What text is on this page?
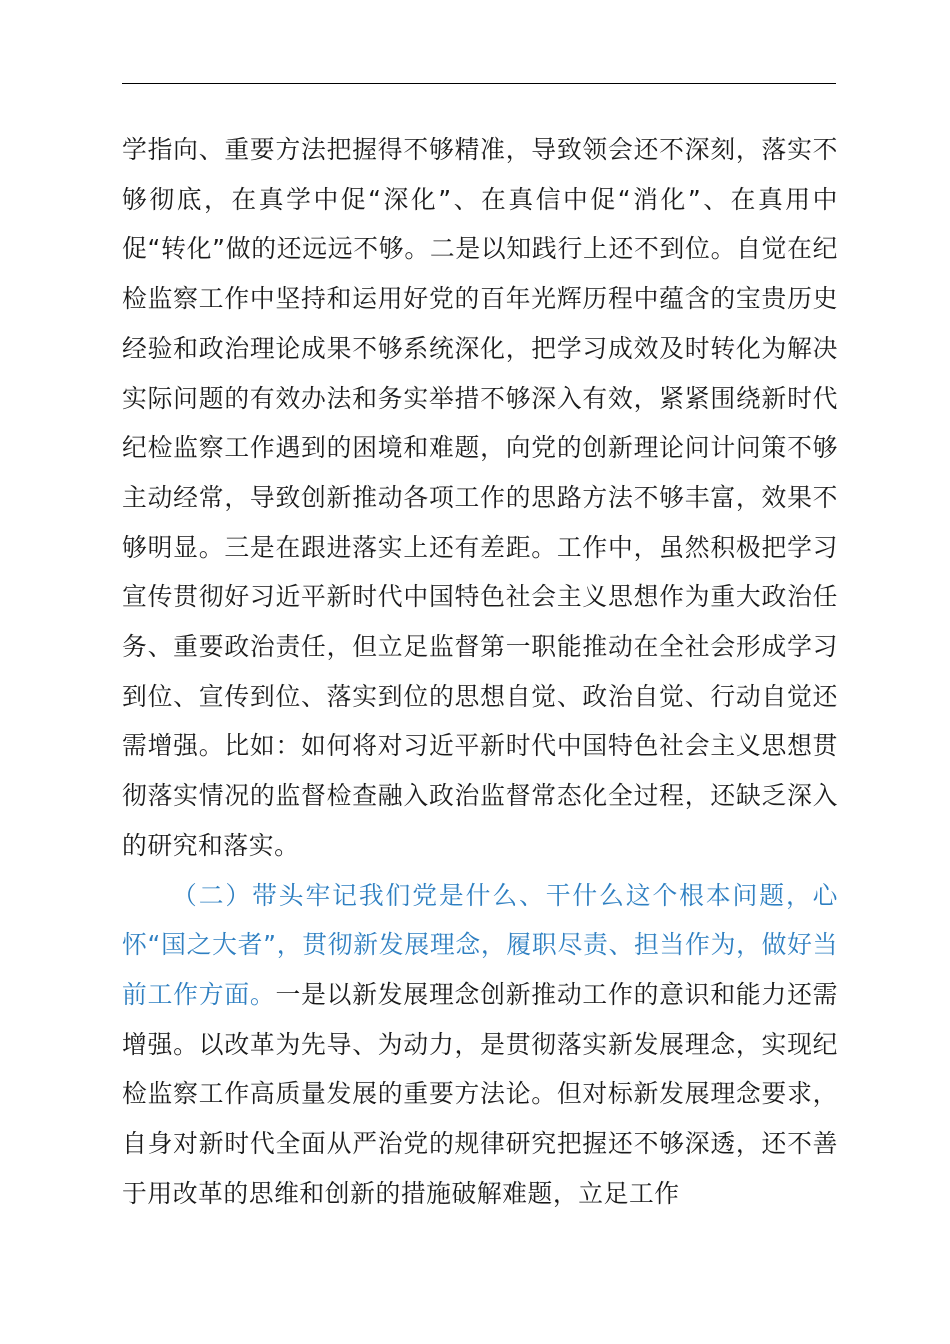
学指向、重要方法把握得不够精准，导致领会还不深刻，落实不够彻底，在真学中促“深化”、在真信中促“消化”、在真用中促“转化”做的还远远不够。二是以知践行上还不到位。自觉在纪检监察工作中坚持和运用好党的百年光辉历程中蕴含的宝贵历史经验和政治理论成果不够系统深化，把学习成效及时转化为解决实际问题的有效办法和务实举措不够深入有效，紧紧围绕新时代纪检监察工作遇到的困境和难题，向党的创新理论问计问策不够主动经常，导致创新推动各项工作的思路方法不够丰富，效果不够明显。三是在跟进落实上还有差距。工作中，虽然积极把学习宣传贯彻好习近平新时代中国特色社会主义思想作为重大政治任务、重要政治责任，但立足监督第一职能推动在全社会形成学习到位、宣传到位、落实到位的思想自觉、政治自觉、行动自觉还需增强。比如：如何将对习近平新时代中国特色社会主义思想贯彻落实情况的监督检查融入政治监督常态化全过程，还缺乏深入的研究和落实。

（二）带头牢记我们党是什么、干什么这个根本问题，心怀“国之大者”，贯彻新发展理念，履职尽责、担当作为，做好当前工作方面。一是以新发展理念创新推动工作的意识和能力还需增强。以改革为先导、为动力，是贯彻落实新发展理念，实现纪检监察工作高质量发展的重要方法论。但对标新发展理念要求，自身对新时代全面从严治党的规律研究把握还不够深透，还不善于用改革的思维和创新的措施破解难题，立足工作
